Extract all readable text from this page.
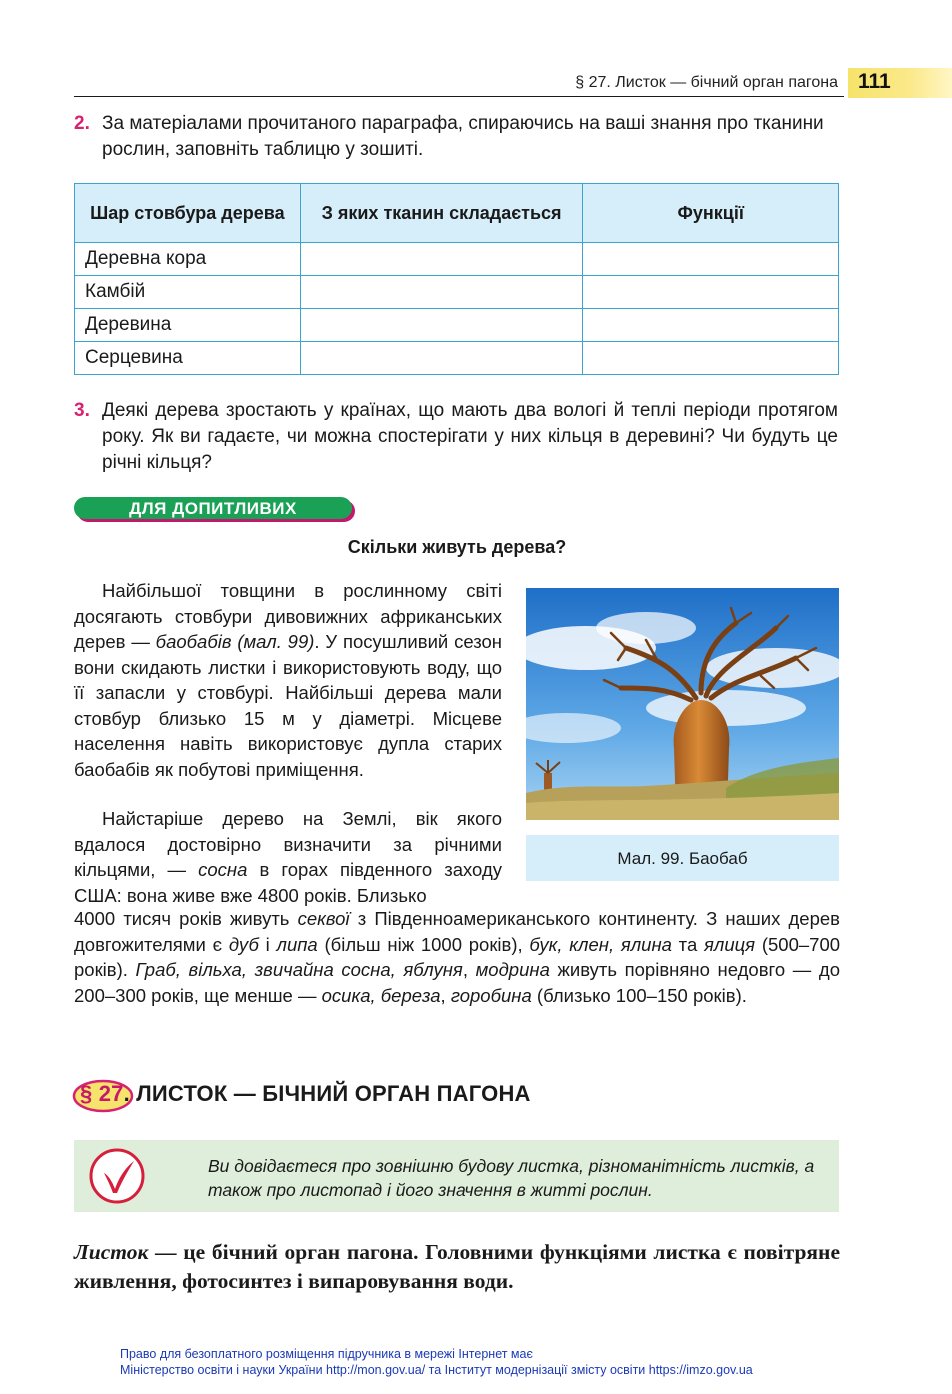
§ 27. Листок — бічний орган пагона 111
2. За матеріалами прочитаного параграфа, спираючись на ваші знання про тканини рослин, заповніть таблицю у зошиті.
Шар стовбура дерева	З яких тканин складається	Функції
Деревна кора		
Камбій		
Деревина		
Серцевина		
3. Деякі дерева зростають у країнах, що мають два вологі й теплі періоди протягом року. Як ви гадаєте, чи можна спостерігати у них кільця в деревині? Чи будуть це річні кільця?
ДЛЯ ДОПИТЛИВИХ
Скільки живуть дерева?
Найбільшої товщини в рослинному світі досягають стовбури дивовижних африканських дерев — баобабів (мал. 99). У посушливий сезон вони скидають листки і використовують воду, що її запасли у стовбурі. Найбільші дерева мали стовбур близько 15 м у діаметрі. Місцеве населення навіть використовує дупла старих баобабів як побутові приміщення.
Найстаріше дерево на Землі, вік якого вдалося достовірно визначити за річними кільцями, — сосна в горах південного заходу США: вона живе вже 4800 років. Близько
4000 тисяч років живуть секвої з Південноамериканського континенту. З наших дерев довгожителями є дуб і липа (більш ніж 1000 років), бук, клен, ялина та ялиця (500–700 років). Граб, вільха, звичайна сосна, яблуня, модрина живуть порівняно недовго — до 200–300 років, ще менше — осика, береза, горобина (близько 100–150 років).
Мал. 99. Баобаб
§ 27. ЛИСТОК — БІЧНИЙ ОРГАН ПАГОНА
Ви довідаєтеся про зовнішню будову листка, різноманітність листків, а також про листопад і його значення в житті рослин.
Листок — це бічний орган пагона. Головними функціями листка є повітряне живлення, фотосинтез і випаровування води.
Право для безоплатного розміщення підручника в мережі Інтернет має
Міністерство освіти і науки України http://mon.gov.ua/ та Інститут модернізації змісту освіти https://imzo.gov.ua
